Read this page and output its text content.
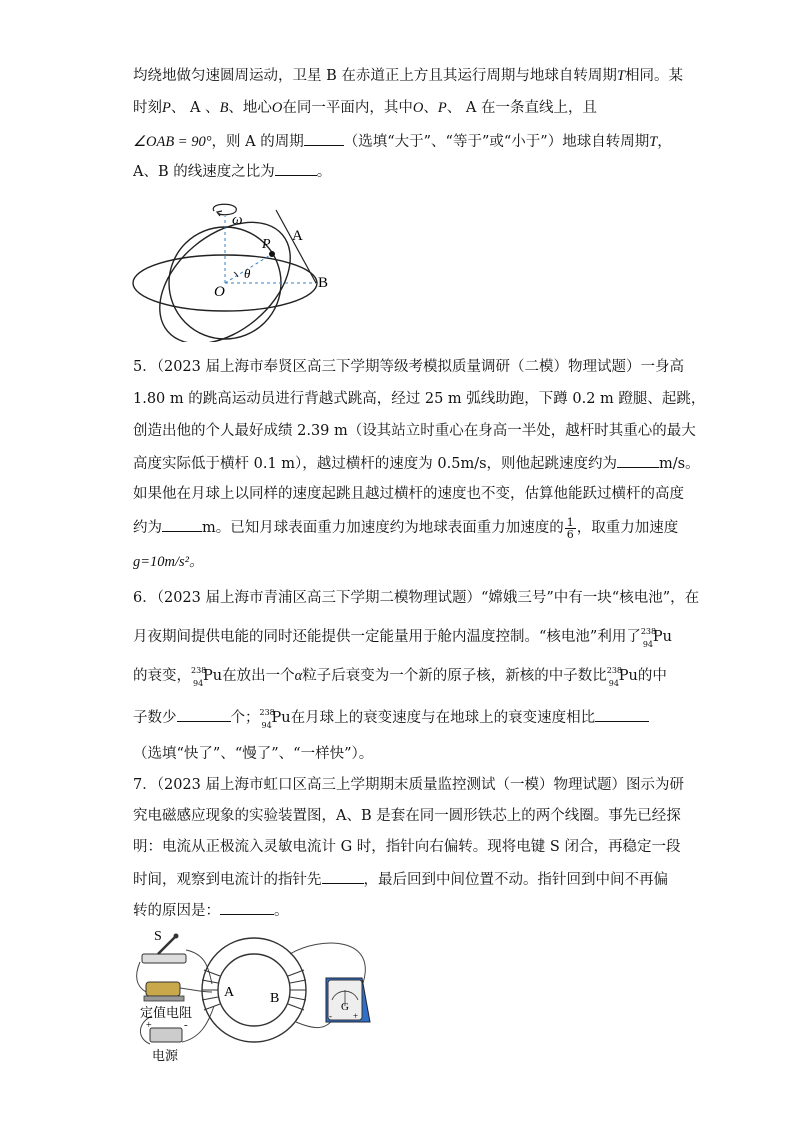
均绕地做匀速圆周运动，卫星 B 在赤道正上方且其运行周期与地球自转周期T相同。某
时刻P、 A 、B、地心O在同一平面内，其中O、P、 A 在一条直线上，且
∠OAB = 90°，则 A 的周期	（选填“大于”、“等于”或“小于”）地球自转周期T，
A、B 的线速度之比为	。
ω
A
P
θ
O
B
5．（2023 届上海市奉贤区高三下学期等级考模拟质量调研（二模）物理试题）一身高
1.80 m 的跳高运动员进行背越式跳高，经过 25 m 弧线助跑，下蹲 0.2 m 蹬腿、起跳，
创造出他的个人最好成绩 2.39 m（设其站立时重心在身高一半处，越杆时其重心的最大
高度实际低于横杆 0.1 m），越过横杆的速度为 0.5m/s，则他起跳速度约为	m/s。
如果他在月球上以同样的速度起跳且越过横杆的速度也不变，估算他能跃过横杆的高度
约为	m。已知月球表面重力加速度约为地球表面重力加速度的 $\frac{1}{6}$ ，取重力加速度
g=10m/s²。
6．（2023 届上海市青浦区高三下学期二模物理试题）“嫦娥三号”中有一块“核电池”，在
月夜期间提供电能的同时还能提供一定能量用于舱内温度控制。“核电池”利用了 238
94 Pu
的衰变， 238
94 Pu在放出一个α粒子后衰变为一个新的原子核，新核的中子数比 238
94 Pu的中
子数少	个； 238
94 Pu在月球上的衰变速度与在地球上的衰变速度相比
（选填“快了”、“慢了”、“一样快”）。
7．（2023 届上海市虹口区高三上学期期末质量监控测试（一模）物理试题）图示为研
究电磁感应现象的实验装置图，A、B 是套在同一圆形铁芯上的两个线圈。事先已经探
明：电流从正极流入灵敏电流计 G 时，指针向右偏转。现将电键 S 闭合，再稳定一段
时间，观察到电流计的指针先	，最后回到中间位置不动。指针回到中间不再偏
转的原因是：	。
S
定值电阻
+	-
电源
A	B
G
- +
